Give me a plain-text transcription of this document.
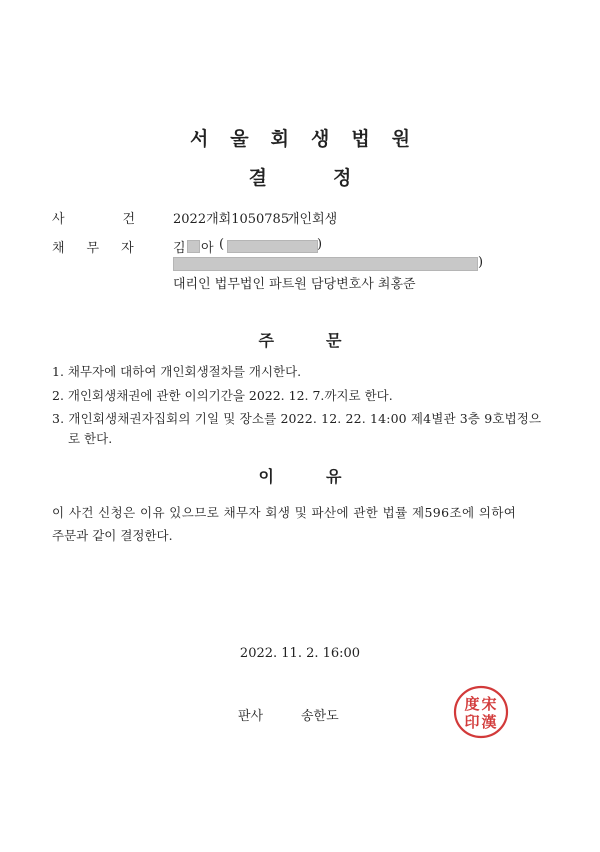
서울회생법원
결정
사건
2022개회1050785
개인회생
채무자 김 아 (	)
)
대리인 법무법인 파트원 담당변호사 최홍준
주문
1. 채무자에 대하여 개인회생절차를 개시한다.
2. 개인회생채권에 관한 이의기간을 2022. 12. 7.까지로 한다.
3. 개인회생채권자집회의 기일 및 장소를 2022. 12. 22. 14:00 제4별관 3층 9호법정으
로 한다.
이유
이 사건 신청은 이유 있으므로 채무자 회생 및 파산에 관한 법률 제596조에 의하여
주문과 같이 결정한다.
2022. 11. 2. 16:00
판사	송한도
宋
漢
度
印
